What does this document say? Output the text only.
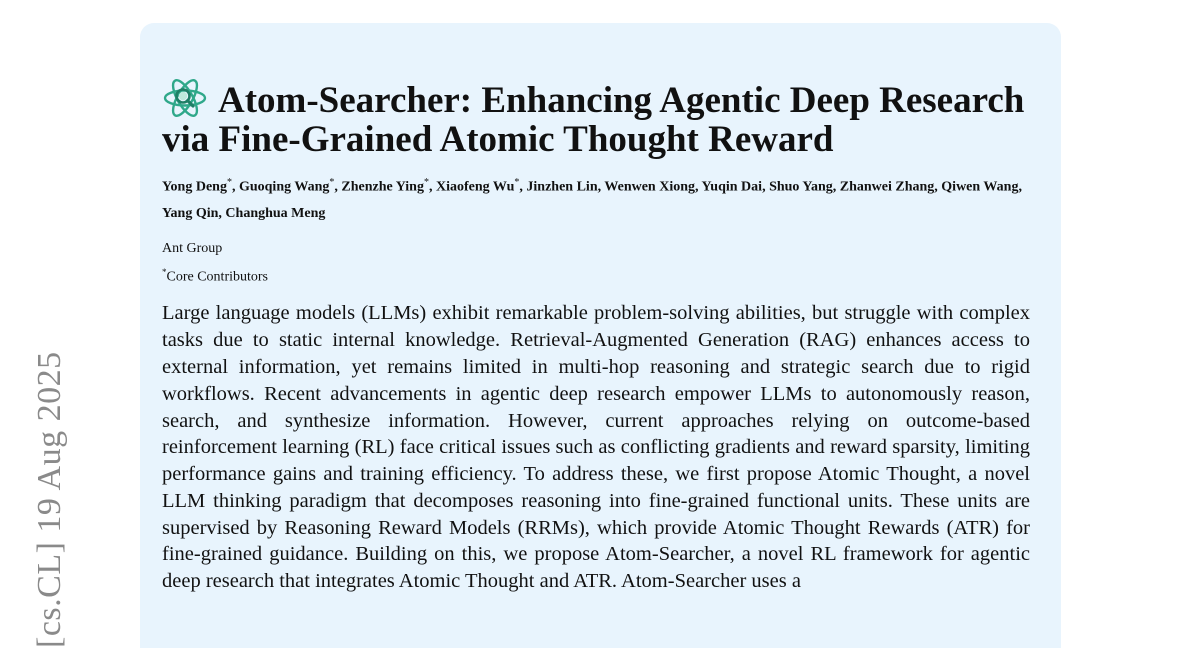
[cs.CL] 19 Aug 2025
Atom-Searcher: Enhancing Agentic Deep Research via Fine-Grained Atomic Thought Reward
Yong Deng*, Guoqing Wang*, Zhenzhe Ying*, Xiaofeng Wu*, Jinzhen Lin, Wenwen Xiong, Yuqin Dai, Shuo Yang, Zhanwei Zhang, Qiwen Wang, Yang Qin, Changhua Meng
Ant Group
*Core Contributors
Large language models (LLMs) exhibit remarkable problem-solving abilities, but struggle with complex tasks due to static internal knowledge. Retrieval-Augmented Generation (RAG) enhances access to external information, yet remains limited in multi-hop reasoning and strategic search due to rigid workflows. Recent advancements in agentic deep research empower LLMs to autonomously reason, search, and synthesize information. However, current approaches relying on outcome-based reinforcement learning (RL) face critical issues such as conflicting gradients and reward sparsity, limiting performance gains and training efficiency. To address these, we first propose Atomic Thought, a novel LLM thinking paradigm that decomposes reasoning into fine-grained functional units. These units are supervised by Reasoning Reward Models (RRMs), which provide Atomic Thought Rewards (ATR) for fine-grained guidance. Building on this, we propose Atom-Searcher, a novel RL framework for agentic deep research that integrates Atomic Thought and ATR. Atom-Searcher uses a
